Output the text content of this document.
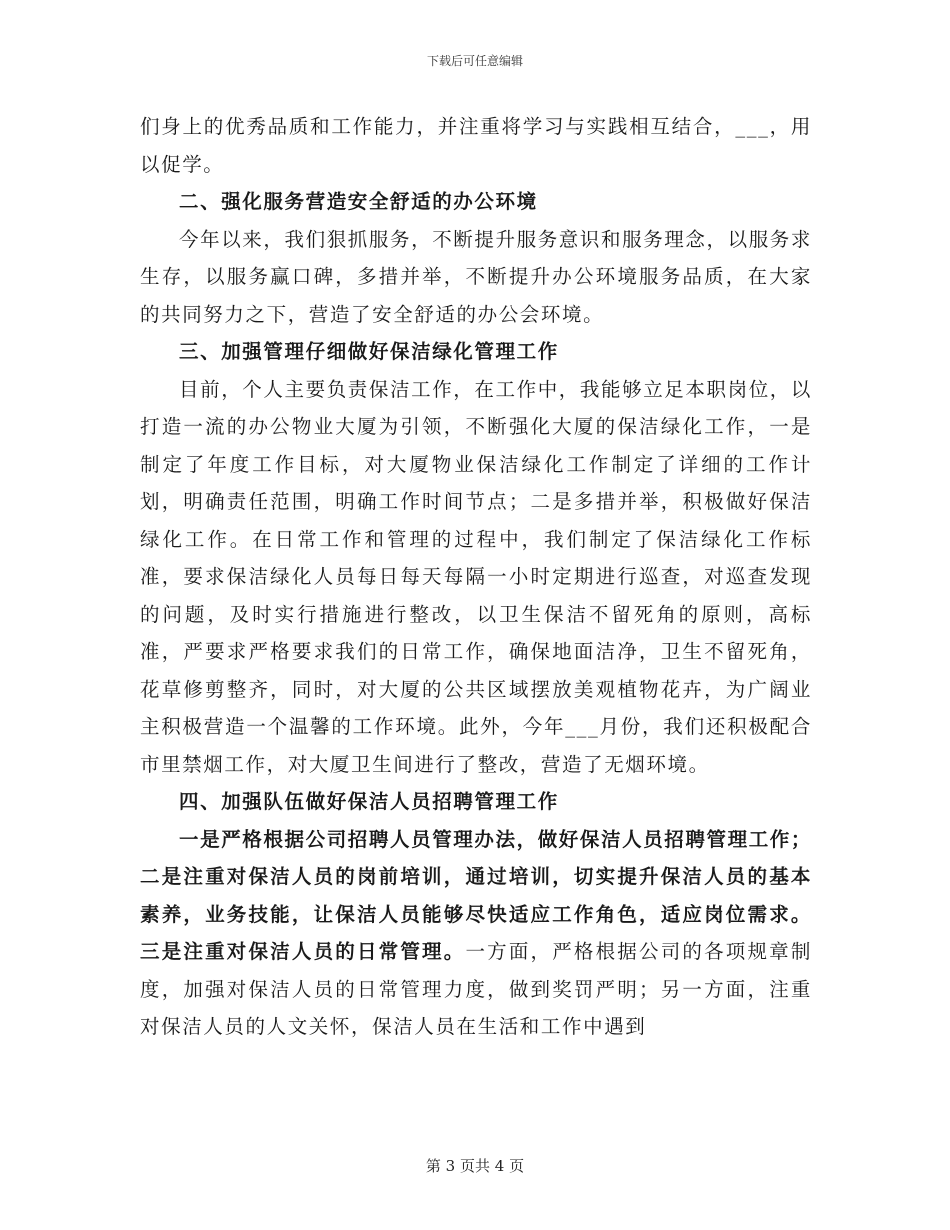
下载后可任意编辑

们身上的优秀品质和工作能力，并注重将学习与实践相互结合，___，用以促学。

二、强化服务营造安全舒适的办公环境

今年以来，我们狠抓服务，不断提升服务意识和服务理念，以服务求生存，以服务赢口碑，多措并举，不断提升办公环境服务品质，在大家的共同努力之下，营造了安全舒适的办公会环境。

三、加强管理仔细做好保洁绿化管理工作

目前，个人主要负责保洁工作，在工作中，我能够立足本职岗位，以打造一流的办公物业大厦为引领，不断强化大厦的保洁绿化工作，一是制定了年度工作目标，对大厦物业保洁绿化工作制定了详细的工作计划，明确责任范围，明确工作时间节点；二是多措并举，积极做好保洁绿化工作。在日常工作和管理的过程中，我们制定了保洁绿化工作标准，要求保洁绿化人员每日每天每隔一小时定期进行巡查，对巡查发现的问题，及时实行措施进行整改，以卫生保洁不留死角的原则，高标准，严要求严格要求我们的日常工作，确保地面洁净，卫生不留死角，花草修剪整齐，同时，对大厦的公共区域摆放美观植物花卉，为广阔业主积极营造一个温馨的工作环境。此外，今年___月份，我们还积极配合市里禁烟工作，对大厦卫生间进行了整改，营造了无烟环境。

四、加强队伍做好保洁人员招聘管理工作

一是严格根据公司招聘人员管理办法，做好保洁人员招聘管理工作；二是注重对保洁人员的岗前培训，通过培训，切实提升保洁人员的基本素养，业务技能，让保洁人员能够尽快适应工作角色，适应岗位需求。三是注重对保洁人员的日常管理。一方面，严格根据公司的各项规章制度，加强对保洁人员的日常管理力度，做到奖罚严明；另一方面，注重对保洁人员的人文关怀，保洁人员在生活和工作中遇到

第 3 页共 4 页
